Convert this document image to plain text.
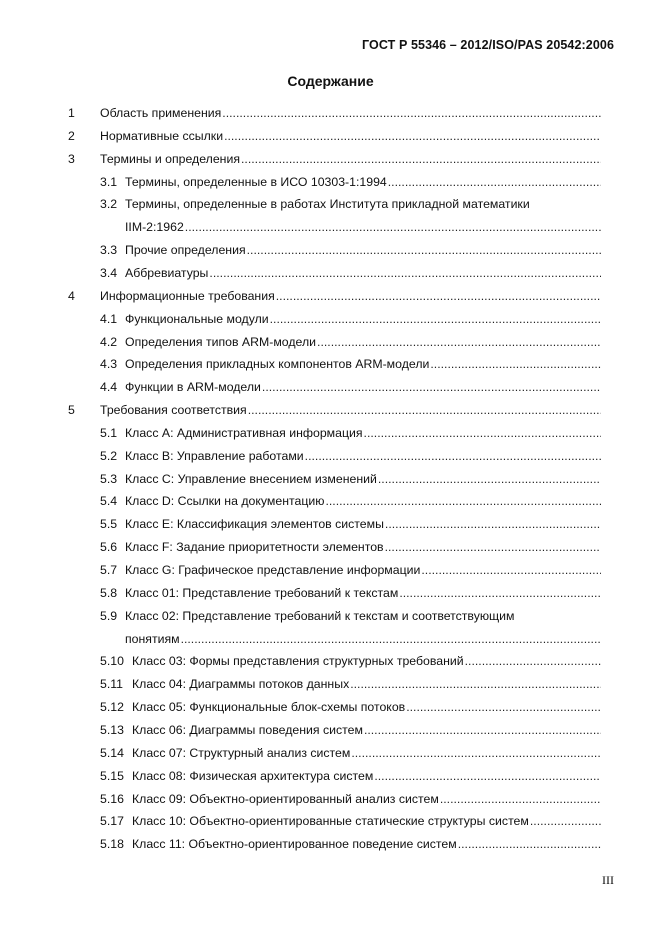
ГОСТ Р 55346 – 2012/ISO/PAS 20542:2006
Содержание
1 Область применения
.....
2 Нормативные ссылки
.....
3 Термины и определения
.....
3.1 Термины, определенные в ИСО 10303-1:1994
.....
3.2 Термины, определенные в работах Института прикладной математики
IIM-2:1962
.....
3.3 Прочие определения
.....
3.4 Аббревиатуры
.....
4 Информационные требования
.....
4.1 Функциональные модули
.....
4.2 Определения типов ARM-модели
.....
4.3 Определения прикладных компонентов ARM-модели
.....
4.4 Функции в ARM-модели
.....
5 Требования соответствия
.....
5.1 Класс A: Административная информация
.....
5.2 Класс B: Управление работами
.....
5.3 Класс C: Управление внесением изменений
.....
5.4 Класс D: Ссылки на документацию
.....
5.5 Класс E: Классификация элементов системы
.....
5.6 Класс F: Задание приоритетности элементов
.....
5.7 Класс G: Графическое представление информации
.....
5.8 Класс 01: Представление требований к текстам
.....
5.9 Класс 02: Представление требований к текстам и соответствующим
понятиям
.....
5.10 Класс 03: Формы представления структурных требований
.....
5.11 Класс 04: Диаграммы потоков данных
.....
5.12 Класс 05: Функциональные блок-схемы потоков
.....
5.13 Класс 06: Диаграммы поведения систем
.....
5.14 Класс 07: Структурный анализ систем
.....
5.15 Класс 08: Физическая архитектура систем
.....
5.16 Класс 09: Объектно-ориентированный анализ систем
.....
5.17 Класс 10: Объектно-ориентированные статические структуры систем
.....
5.18 Класс 11: Объектно-ориентированное поведение систем
.....
III
